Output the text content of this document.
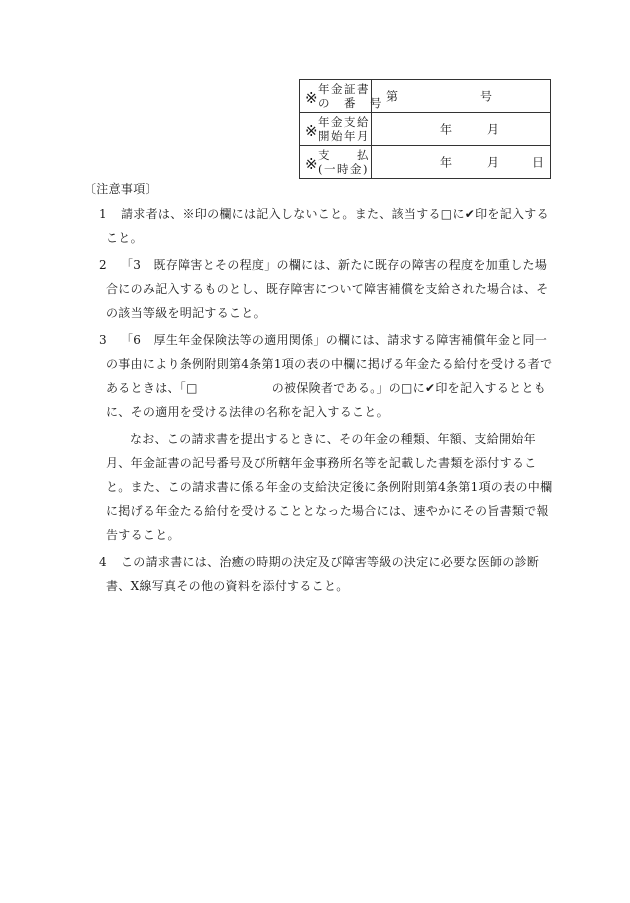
※ 年金証書
の　番　号	第 号

※ 年金支給
開始年月	年 月

※ 支　　払
(一時金)	年 月 日
〔注意事項〕
1 請求者は、※印の欄には記入しないこと。また、該当する□に✔印を記入すること。
2 「3　既存障害とその程度」の欄には、新たに既存の障害の程度を加重した場合にのみ記入するものとし、既存障害について障害補償を支給された場合は、その該当等級を明記すること。
3 「6　厚生年金保険法等の適用関係」の欄には、請求する障害補償年金と同一の事由により条例附則第4条第1項の表の中欄に掲げる年金たる給付を受ける者であるときは、「□	の被保険者である。」の□に✔印を記入するとともに、その適用を受ける法律の名称を記入すること。
なお、この請求書を提出するときに、その年金の種類、年額、支給開始年月、年金証書の記号番号及び所轄年金事務所名等を記載した書類を添付すること。また、この請求書に係る年金の支給決定後に条例附則第4条第1項の表の中欄に掲げる年金たる給付を受けることとなった場合には、速やかにその旨書類で報告すること。
4 この請求書には、治癒の時期の決定及び障害等級の決定に必要な医師の診断書、X線写真その他の資料を添付すること。
